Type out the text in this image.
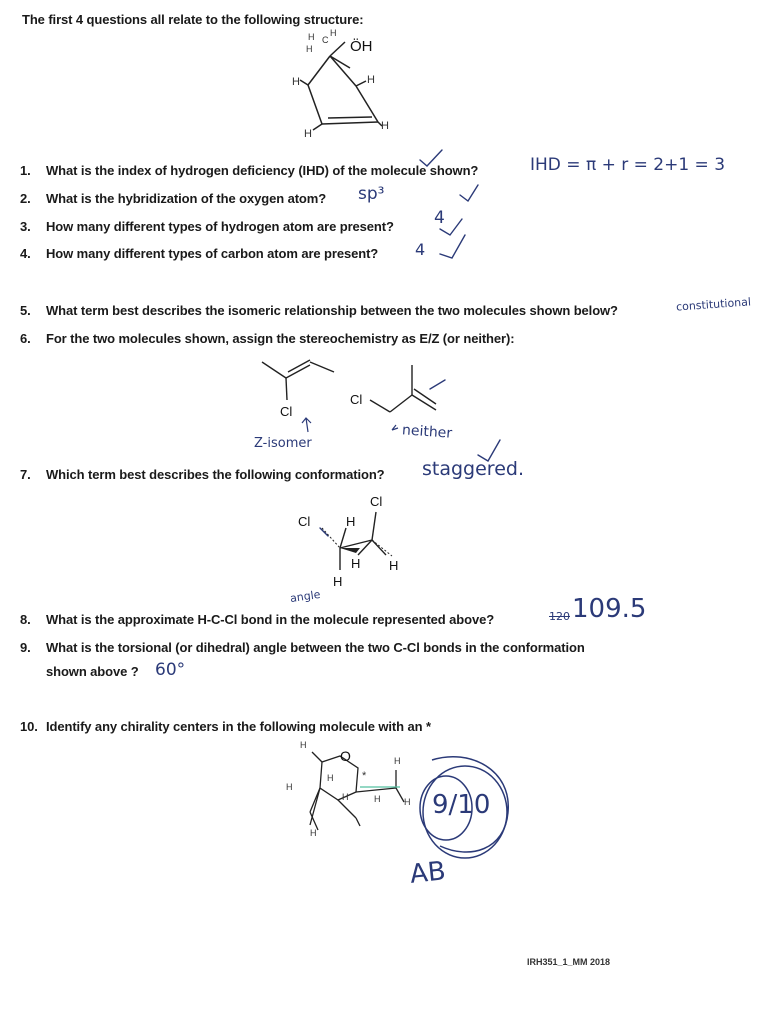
The first 4 questions all relate to the following structure:
H C
H
H	ÖH
H	H
H
H
1. What is the index of hydrogen deficiency (IHD) of the molecule shown?	IHD = π + r = 2+1 = 3
2. What is the hybridization of the oxygen atom? sp³
3. How many different types of hydrogen atom are present? 4
4. How many different types of carbon atom are present? 4
5. What term best describes the isomeric relationship between the two molecules shown below?	constitutional
6. For the two molecules shown, assign the stereochemistry as E/Z (or neither):
Cl
Cl
Z-isomer
neither
7. Which term best describes the following conformation? staggered.
Cl
Cl	H
H H
H
8. What is the approximate H-C-Cl bond in the molecule represented above?
angle
120 109.5
9. What is the torsional (or dihedral) angle between the two C-Cl bonds in the conformation
shown above ? 60°
10. Identify any chirality centers in the following molecule with an *
O
H
H
H
H
H	H
H
H
*
9/10
AB
IRH351_1_MM 2018
